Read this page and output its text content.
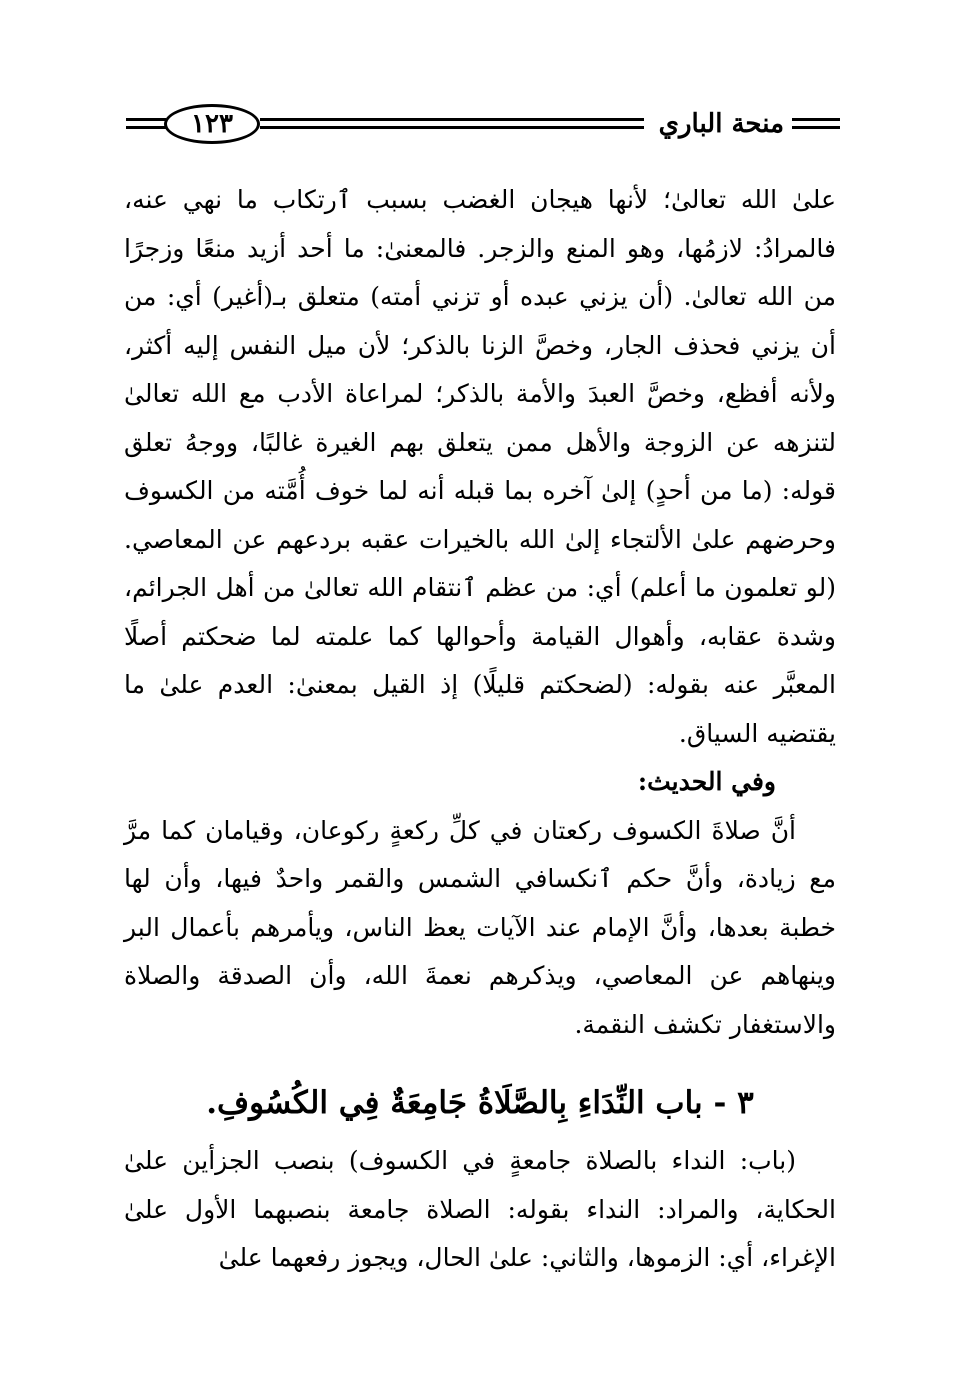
منحة الباري
١٢٣

علىٰ الله تعالىٰ؛ لأنها هيجان الغضب بسبب ٱرتكاب ما نهي عنه، فالمرادُ: لازمُها، وهو المنع والزجر. فالمعنىٰ: ما أحد أزيد منعًا وزجرًا من الله تعالىٰ. (أن يزني عبده أو تزني أمته) متعلق بـ(أغير) أي: من أن يزني فحذف الجار، وخصَّ الزنا بالذكر؛ لأن ميل النفس إليه أكثر، ولأنه أفظع، وخصَّ العبدَ والأمة بالذكر؛ لمراعاة الأدب مع الله تعالىٰ لتنزهه عن الزوجة والأهل ممن يتعلق بهم الغيرة غالبًا، ووجهُ تعلق قوله: (ما من أحدٍ) إلىٰ آخره بما قبله أنه لما خوف أُمَّته من الكسوف وحرضهم علىٰ الألتجاء إلىٰ الله بالخيرات عقبه بردعهم عن المعاصي. (لو تعلمون ما أعلم) أي: من عظم ٱنتقام الله تعالىٰ من أهل الجرائم، وشدة عقابه، وأهوال القيامة وأحوالها كما علمته لما ضحكتم أصلًا المعبَّر عنه بقوله: (لضحكتم قليلًا) إذ القيل بمعنىٰ: العدم علىٰ ما يقتضيه السياق.

وفي الحديث:

أنَّ صلاةَ الكسوف ركعتان في كلِّ ركعةٍ ركوعان، وقيامان كما مرَّ مع زيادة، وأنَّ حكم ٱنكسافي الشمس والقمر واحدٌ فيها، وأن لها خطبة بعدها، وأنَّ الإمام عند الآيات يعظ الناس، ويأمرهم بأعمال البر وينهاهم عن المعاصي، ويذكرهم نعمةَ الله، وأن الصدقة والصلاة والاستغفار تكشف النقمة.

٣ - باب النِّدَاءِ بِالصَّلَاةُ جَامِعَةٌ فِي الكُسُوفِ.

(باب: النداء بالصلاة جامعةٍ في الكسوف) بنصب الجزأين علىٰ الحكاية، والمراد: النداء بقوله: الصلاة جامعة بنصبهما الأول علىٰ الإغراء، أي: الزموها، والثاني: علىٰ الحال، ويجوز رفعهما علىٰ
